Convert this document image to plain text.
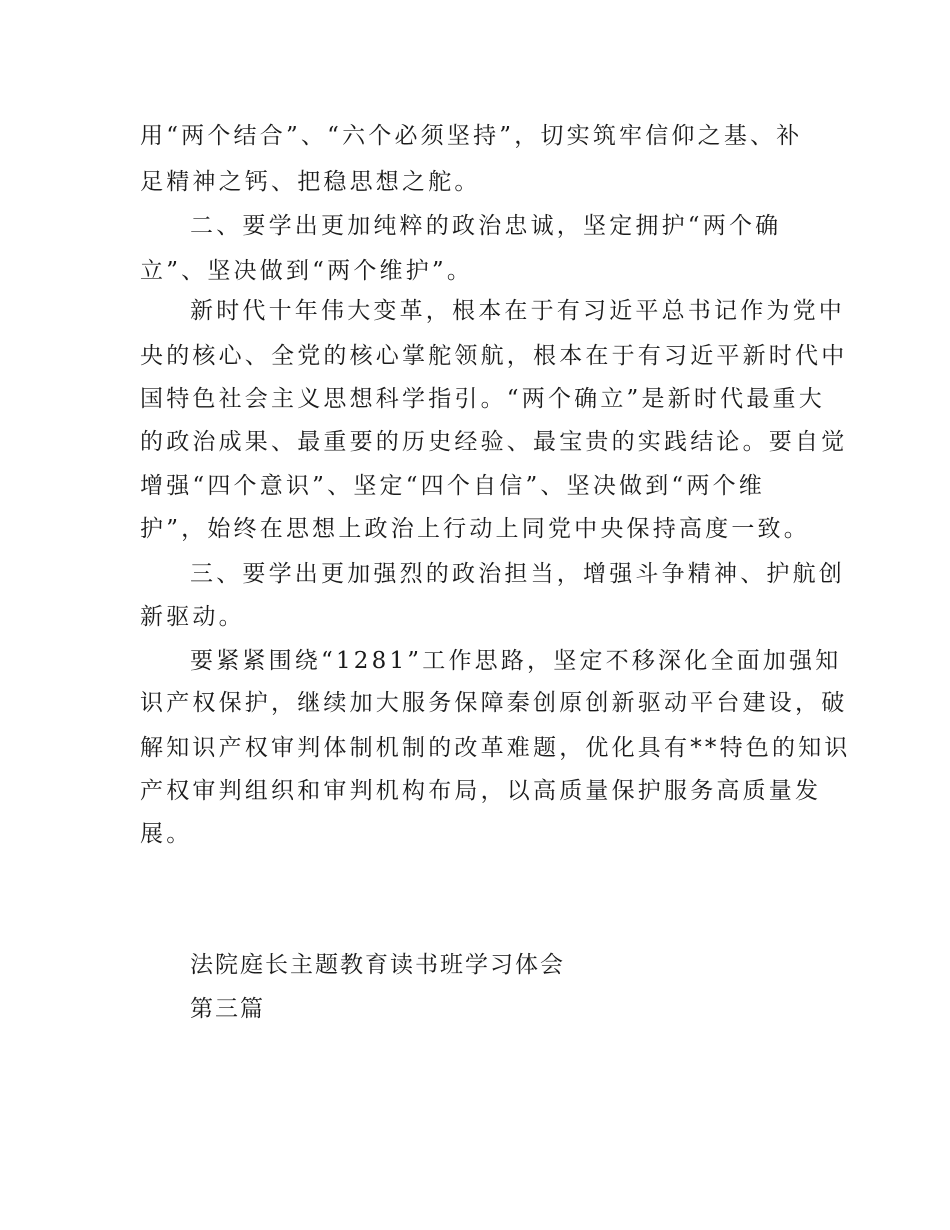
用“两个结合”、“六个必须坚持”，切实筑牢信仰之基、补
足精神之钙、把稳思想之舵。
二、要学出更加纯粹的政治忠诚，坚定拥护“两个确
立”、坚决做到“两个维护”。
新时代十年伟大变革，根本在于有习近平总书记作为党中
央的核心、全党的核心掌舵领航，根本在于有习近平新时代中
国特色社会主义思想科学指引。“两个确立”是新时代最重大
的政治成果、最重要的历史经验、最宝贵的实践结论。要自觉
增强“四个意识”、坚定“四个自信”、坚决做到“两个维
护”，始终在思想上政治上行动上同党中央保持高度一致。
三、要学出更加强烈的政治担当，增强斗争精神、护航创
新驱动。
要紧紧围绕“1281”工作思路，坚定不移深化全面加强知
识产权保护，继续加大服务保障秦创原创新驱动平台建设，破
解知识产权审判体制机制的改革难题，优化具有**特色的知识
产权审判组织和审判机构布局，以高质量保护服务高质量发
展。
法院庭长主题教育读书班学习体会
第三篇
